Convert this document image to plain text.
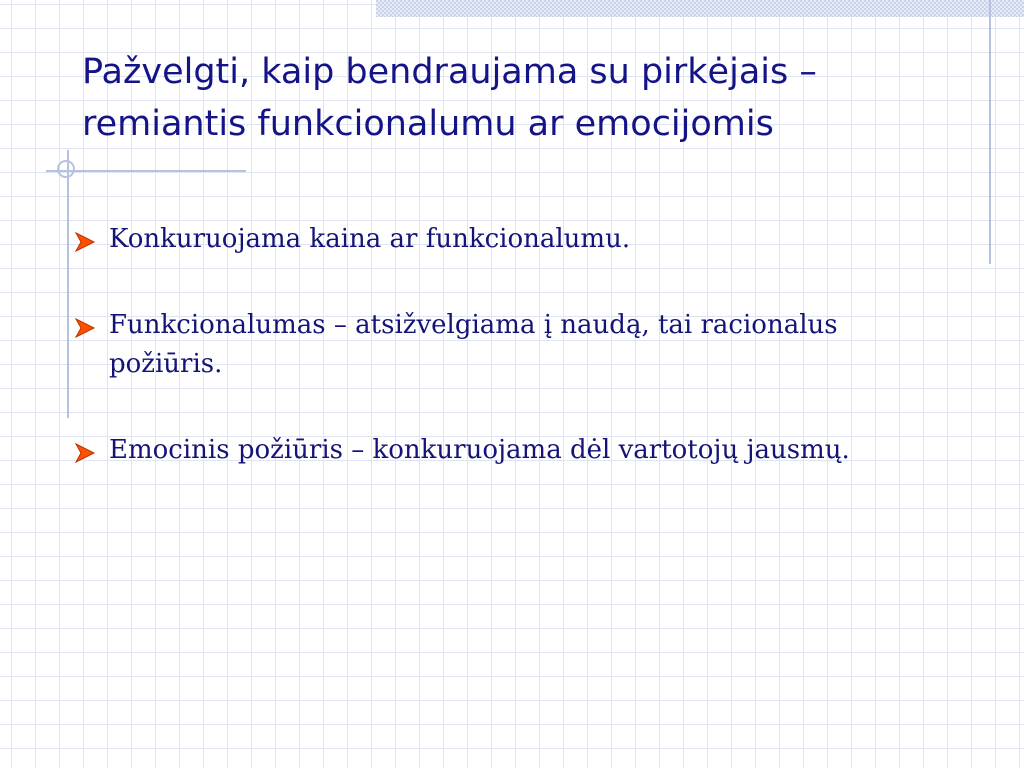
Pažvelgti, kaip bendraujama su pirkėjais – remiantis funkcionalumu ar emocijomis
Konkuruojama kaina ar funkcionalumu.
Funkcionalumas – atsižvelgiama į naudą, tai racionalus požiūris.
Emocinis požiūris – konkuruojama dėl vartotojų jausmų.
